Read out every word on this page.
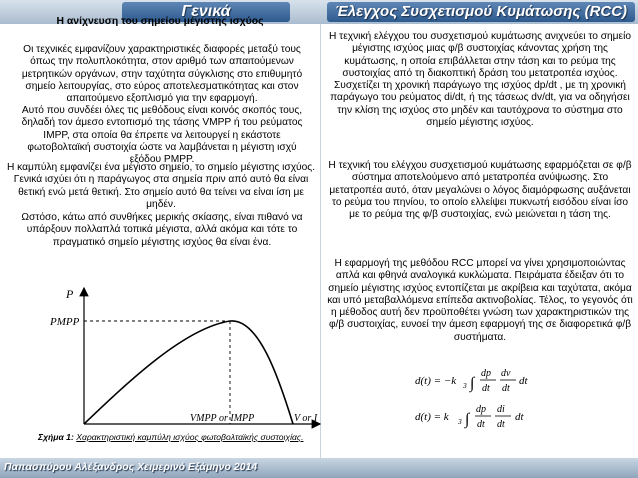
Γενικά	Έλεγχος Συσχετισμού Κυμάτωσης (RCC)
Η ανίχνευση του σημείου μέγιστης ισχύος
Οι τεχνικές εμφανίζουν χαρακτηριστικές διαφορές μεταξύ τους όπως την πολυπλοκότητα, στον αριθμό των απαιτούμενων μετρητικών οργάνων, στην ταχύτητα σύγκλισης στο επιθυμητό σημείο λειτουργίας, στο εύρος αποτελεσματικότητας και στον απαιτούμενο εξοπλισμό για την εφαρμογή.
Αυτό που συνδέει όλες τις μεθόδους είναι κοινός σκοπός τους, δηλαδή τον άμεσο εντοπισμό της τάσης VMPP ή του ρεύματος IMPP, στα οποία θα έπρεπε να λειτουργεί η εκάστοτε φωτοβολταϊκή συστοιχία ώστε να λαμβάνεται η μέγιστη ισχύ εξόδου PMPP.
Η καμπύλη εμφανίζει ένα μέγιστο σημείο, το σημείο μέγιστης ισχύος. Γενικά ισχύει ότι η παράγωγος στα σημεία πριν από αυτό θα είναι θετική ενώ μετά θετική. Στο σημείο αυτό θα τείνει να είναι ίση με μηδέν.
Ωστόσο, κάτω από συνθήκες μερικής σκίασης, είναι πιθανό να υπάρξουν πολλαπλά τοπικά μέγιστα, αλλά ακόμα και τότε το πραγματικό σημείο μέγιστης ισχύος θα είναι ένα.
P
PMPP
VMPP or IMPP	V or I
Σχήμα 1: Χαρακτηριστική καμπύλη ισχύος φωτοβολταϊκής συστοιχίας.
Η τεχνική ελέγχου του συσχετισμού κυμάτωσης ανιχνεύει το σημείο μέγιστης ισχύος μιας φ/β συστοιχίας κάνοντας χρήση της κυμάτωσης, η οποία επιβάλλεται στην τάση και το ρεύμα της συστοιχίας από τη διακοπτική δράση του μετατροπέα ισχύος. Συσχετίζει τη χρονική παράγωγο της ισχύος dp/dt , με τη χρονική παράγωγο του ρεύματος di/dt, ή της τάσεως dv/dt, για να οδηγήσει την κλίση της ισχύος στο μηδέν και ταυτόχρονα το σύστημα στο σημείο μέγιστης ισχύος.
Η τεχνική του ελέγχου συσχετισμού κυμάτωσης εφαρμόζεται σε φ/β σύστημα αποτελούμενο από μετατροπέα ανύψωσης. Στο μετατροπέα αυτό, όταν μεγαλώνει ο λόγος διαμόρφωσης αυξάνεται το ρεύμα του πηνίου, το οποίο ελλείψει πυκνωτή εισόδου είναι ίσο με το ρεύμα της φ/β συστοιχίας, ενώ μειώνεται η τάση της.
Η εφαρμογή της μεθόδου RCC μπορεί να γίνει χρησιμοποιώντας απλά και φθηνά αναλογικά κυκλώματα. Πειράματα έδειξαν ότι το σημείο μέγιστης ισχύος εντοπίζεται με ακρίβεια και ταχύτατα, ακόμα και υπό μεταβαλλόμενα επίπεδα ακτινοβολίας. Τέλος, το γεγονός ότι η μέθοδος αυτή δεν προϋποθέτει γνώση των χαρακτηριστικών της φ/β συστοιχίας, ευνοεί την άμεση εφαρμογή της σε διαφορετικά φ/β συστήματα.
d(t) = −k 3 ∫
dp
dt
dv
dt
dt
d(t) = k 3 ∫
dp
dt
di
dt
dt
Παπασπύρου Αλέξανδρος Χειμερινό Εξάμηνο 2014
